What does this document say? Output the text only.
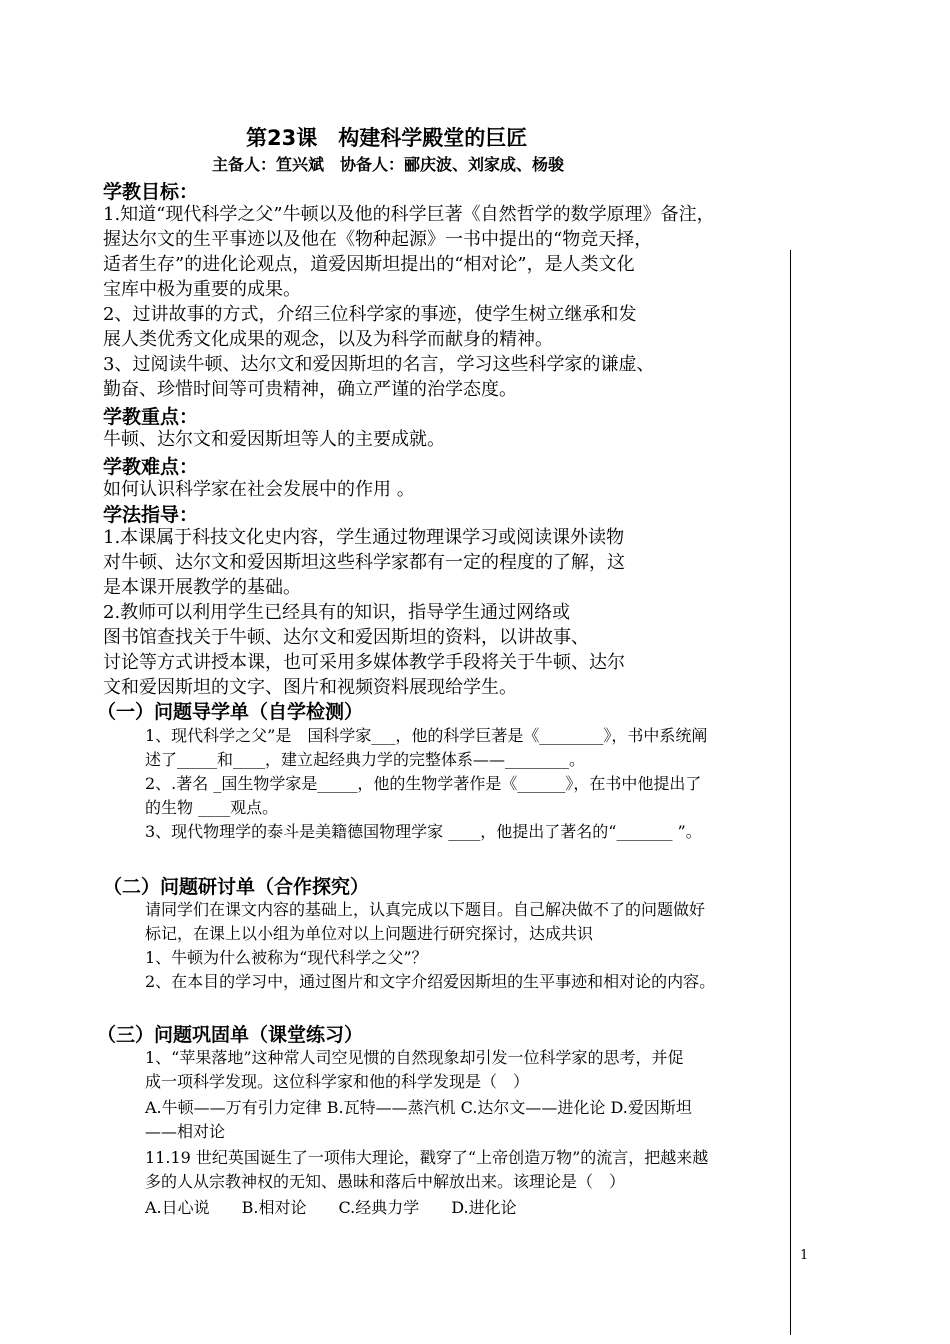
第23课　构建科学殿堂的巨匠
主备人：笪兴斌　协备人：郦庆波、刘家成、杨骏
学教目标：
1.知道“现代科学之父”牛顿以及他的科学巨著《自然哲学的数学原理》备注，
握达尔文的生平事迹以及他在《物种起源》一书中提出的“物竞天择，
适者生存”的进化论观点，道爱因斯坦提出的“相对论”，是人类文化
宝库中极为重要的成果。
2、过讲故事的方式，介绍三位科学家的事迹，使学生树立继承和发
展人类优秀文化成果的观念，以及为科学而献身的精神。
3、过阅读牛顿、达尔文和爱因斯坦的名言，学习这些科学家的谦虚、
勤奋、珍惜时间等可贵精神，确立严谨的治学态度。
学教重点：
牛顿、达尔文和爱因斯坦等人的主要成就。
学教难点：
如何认识科学家在社会发展中的作用 。
学法指导：
1.本课属于科技文化史内容，学生通过物理课学习或阅读课外读物
对牛顿、达尔文和爱因斯坦这些科学家都有一定的程度的了解，这
是本课开展教学的基础。
2.教师可以利用学生已经具有的知识，指导学生通过网络或
图书馆查找关于牛顿、达尔文和爱因斯坦的资料，以讲故事、
讨论等方式讲授本课，也可采用多媒体教学手段将关于牛顿、达尔
文和爱因斯坦的文字、图片和视频资料展现给学生。
（一）问题导学单（自学检测）
1、现代科学之父”是　国科学家___，他的科学巨著是《________》，书中系统阐
述了_____和____，建立起经典力学的完整体系——________。
2、.著名 _国生物学家是_____，他的生物学著作是《______》，在书中他提出了
的生物 ____观点。
3、现代物理学的泰斗是美籍德国物理学家 ____，他提出了著名的“_______ ”。
（二）问题研讨单（合作探究）
请同学们在课文内容的基础上，认真完成以下题目。自己解决做不了的问题做好
标记，在课上以小组为单位对以上问题进行研究探讨，达成共识
1、牛顿为什么被称为“现代科学之父”？
2、在本目的学习中，通过图片和文字介绍爱因斯坦的生平事迹和相对论的内容。
（三）问题巩固单（课堂练习）
1、“苹果落地”这种常人司空见惯的自然现象却引发一位科学家的思考，并促
成一项科学发现。这位科学家和他的科学发现是（　）
A.牛顿——万有引力定律 B.瓦特——蒸汽机 C.达尔文——进化论 D.爱因斯坦
——相对论
11.19 世纪英国诞生了一项伟大理论，戳穿了“上帝创造万物”的流言，把越来越
多的人从宗教神权的无知、愚昧和落后中解放出来。该理论是（　）
A.日心说　　B.相对论　　C.经典力学　　D.进化论
1
